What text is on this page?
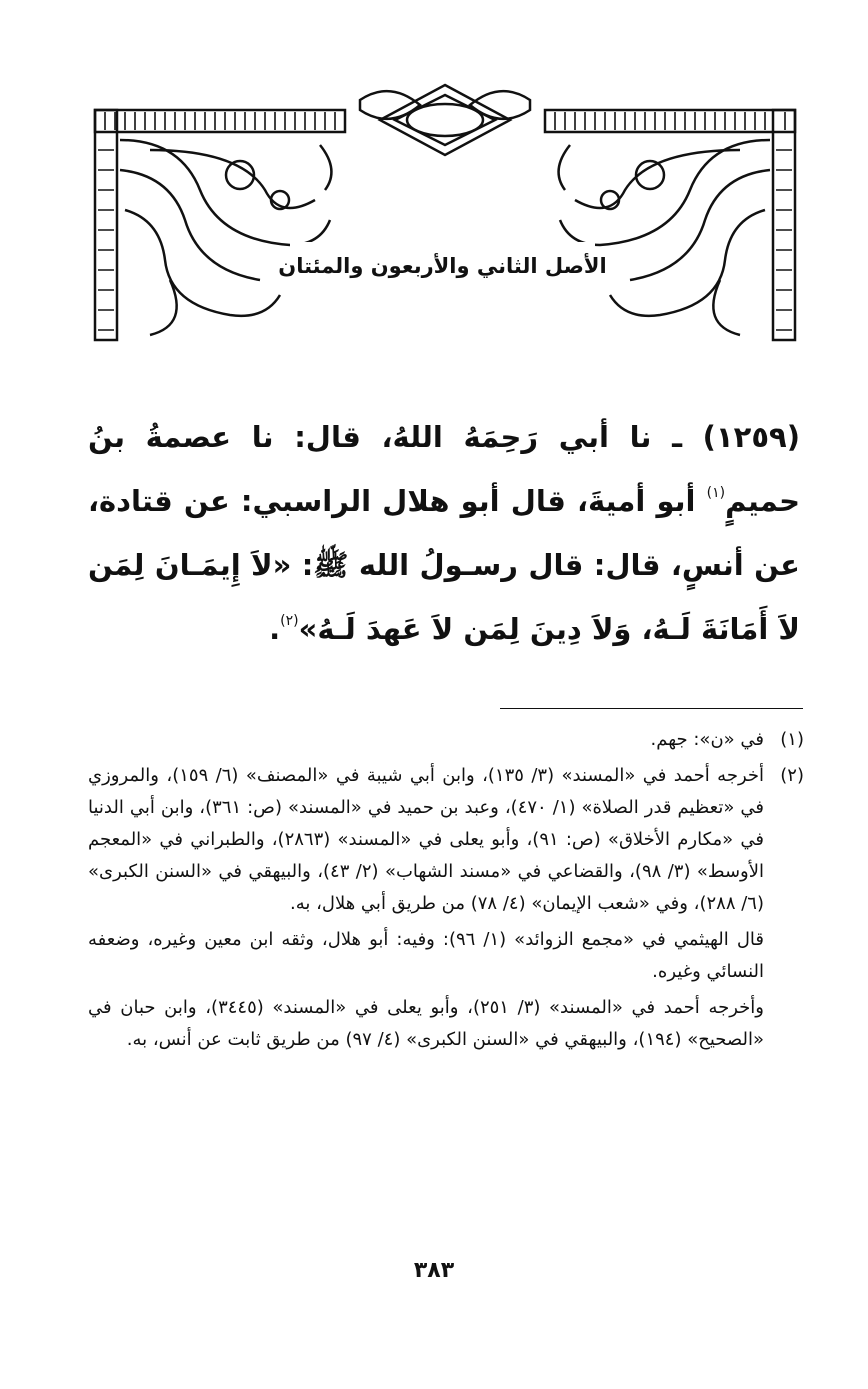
الأصل الثاني والأربعون والمئتان
(١٢٥٩) ـ نا أبي رَحِمَهُ اللهُ، قال: نا عصمةُ بنُ حميمٍ$^{(١)}$ أبو أميةَ، قال أبو هلال الراسبي: عن قتادة، عن أنسٍ، قال: قال رسـولُ الله ﷺ: «لاَ إِيمَـانَ لِمَن لاَ أَمَانَةَ لَـهُ، وَلاَ دِينَ لِمَن لاَ عَهدَ لَـهُ»$^{(٢)}$.
(١)
في «ن»: جهم.
(٢)
أخرجه أحمد في «المسند» (٣/ ١٣٥)، وابن أبي شيبة في «المصنف» (٦/ ١٥٩)، والمروزي في «تعظيم قدر الصلاة» (١/ ٤٧٠)، وعبد بن حميد في «المسند» (ص: ٣٦١)، وابن أبي الدنيا في «مكارم الأخلاق» (ص: ٩١)، وأبو يعلى في «المسند» (٢٨٦٣)، والطبراني في «المعجم الأوسط» (٣/ ٩٨)، والقضاعي في «مسند الشهاب» (٢/ ٤٣)، والبيهقي في «السنن الكبرى» (٦/ ٢٨٨)، وفي «شعب الإيمان» (٤/ ٧٨) من طريق أبي هلال، به.
قال الهيثمي في «مجمع الزوائد» (١/ ٩٦): وفيه: أبو هلال، وثقه ابن معين وغيره، وضعفه النسائي وغيره.
وأخرجه أحمد في «المسند» (٣/ ٢٥١)، وأبو يعلى في «المسند» (٣٤٤٥)، وابن حبان في «الصحيح» (١٩٤)، والبيهقي في «السنن الكبرى» (٤/ ٩٧) من طريق ثابت عن أنس، به.
٣٨٣
